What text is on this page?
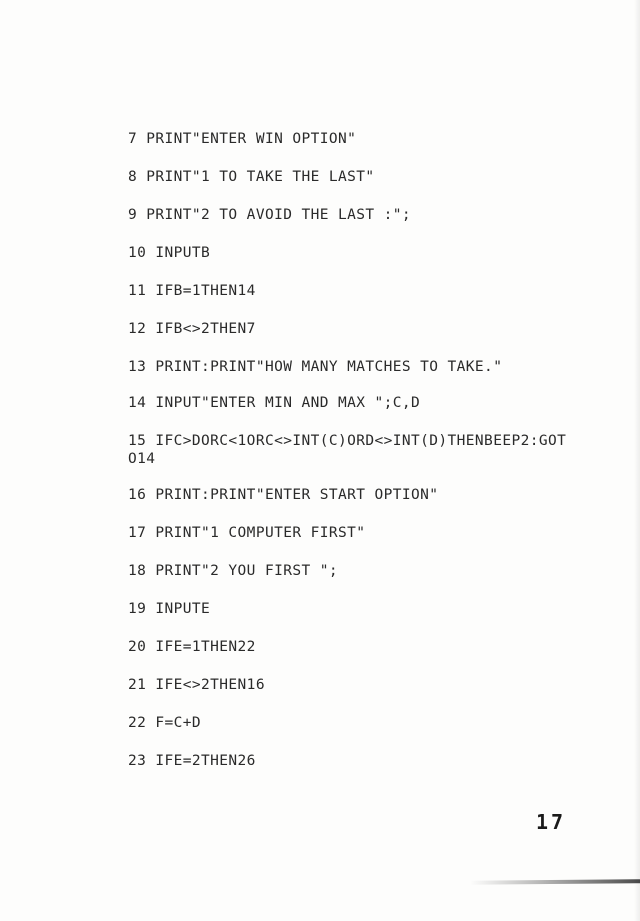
7 PRINT"ENTER WIN OPTION"
8 PRINT"1 TO TAKE THE LAST"
9 PRINT"2 TO AVOID THE LAST :";
10 INPUTB
11 IFB=1THEN14
12 IFB<>2THEN7
13 PRINT:PRINT"HOW MANY MATCHES TO TAKE."
14 INPUT"ENTER MIN AND MAX ";C,D
15 IFC>DORC<1ORC<>INT(C)ORD<>INT(D)THENBEEP2:GOTO14
16 PRINT:PRINT"ENTER START OPTION"
17 PRINT"1 COMPUTER FIRST"
18 PRINT"2 YOU FIRST ";
19 INPUTE
20 IFE=1THEN22
21 IFE<>2THEN16
22 F=C+D
23 IFE=2THEN26
17
